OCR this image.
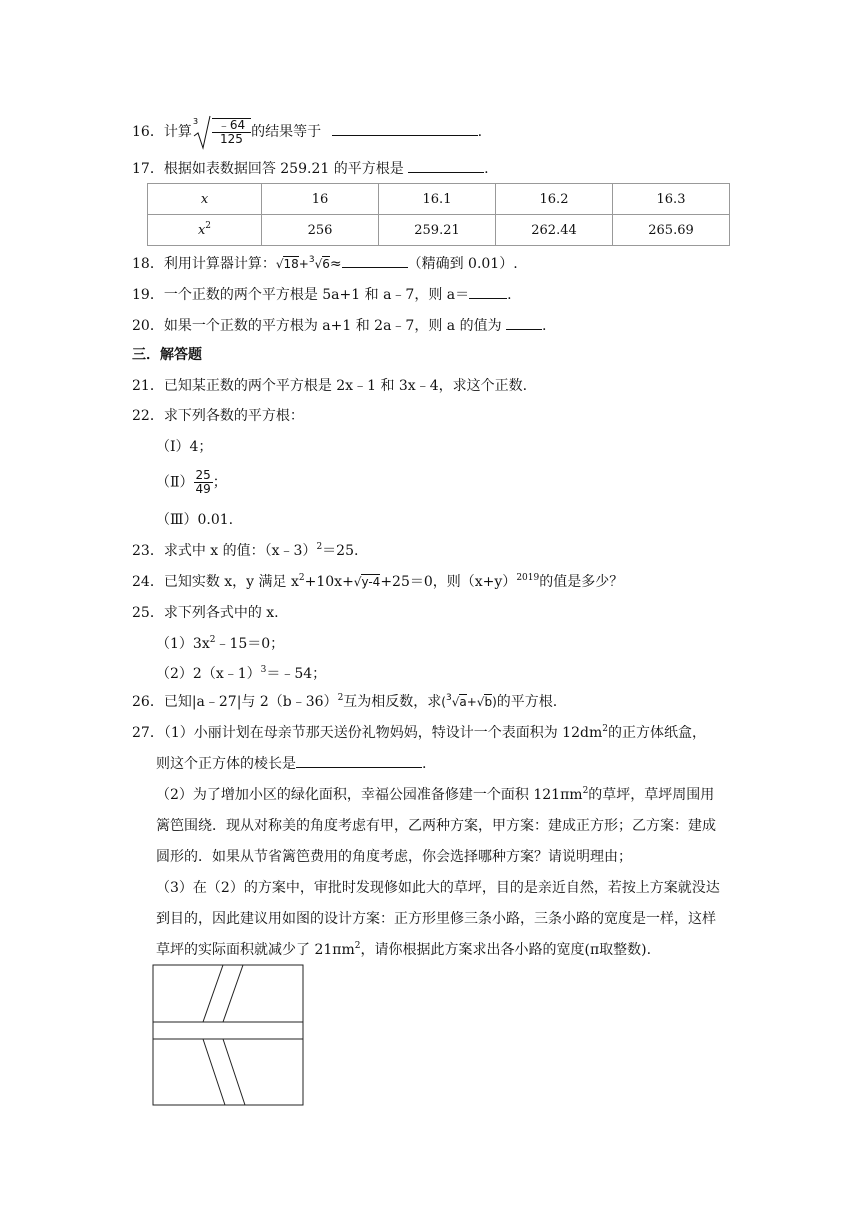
16．计算
$3 \frac{﹣64}{125}$ 的结果等于	.
17．根据如表数据回答 259.21 的平方根是	.
x	16	16.1	16.2	16.3
$x^2$	256	259.21	262.44	265.69
18．利用计算器计算：√18+$^3$√6≈	（精确到 0.01）.
19．一个正数的两个平方根是 5a+1 和 a﹣7，则 a＝	.
20．如果一个正数的平方根为 a+1 和 2a﹣7，则 a 的值为	.
三．解答题
21．已知某正数的两个平方根是 2x﹣1 和 3x﹣4，求这个正数.
22．求下列各数的平方根：
（Ⅰ）4；
（Ⅱ） $\frac{25}{49}$ ；
（Ⅲ）0.01.
23．求式中 x 的值：（x﹣3）$^2$＝25.
24．已知实数 x，y 满足 $x^2+10x+√y-4+25=0$，则$(x+y)^{2019}$的值是多少？
25．求下列各式中的 x.
$(1)3x^2﹣15=0$；
（2）2（x﹣1）$^3$＝﹣54；
26．已知|a﹣27|与 2（b﹣36）$^2$互为相反数，求($^3$√a+√b)的平方根.
27．（1）小丽计划在母亲节那天送份礼物妈妈，特设计一个表面积为 $12dm^2$的正方体纸盒，
则这个正方体的棱长是	.
（2）为了增加小区的绿化面积，幸福公园准备修建一个面积 $121\pi m^2$的草坪，草坪周围用篱笆围绕．现从对称美的角度考虑有甲，乙两种方案，甲方案：建成正方形；乙方案：建成圆形的．如果从节省篱笆费用的角度考虑，你会选择哪种方案？请说明理由；
（3）在（2）的方案中，审批时发现修如此大的草坪，目的是亲近自然，若按上方案就没达到目的，因此建议用如图的设计方案：正方形里修三条小路，三条小路的宽度是一样，这样草坪的实际面积就减少了 $21\pi m^2$，请你根据此方案求出各小路的宽度(π取整数).
